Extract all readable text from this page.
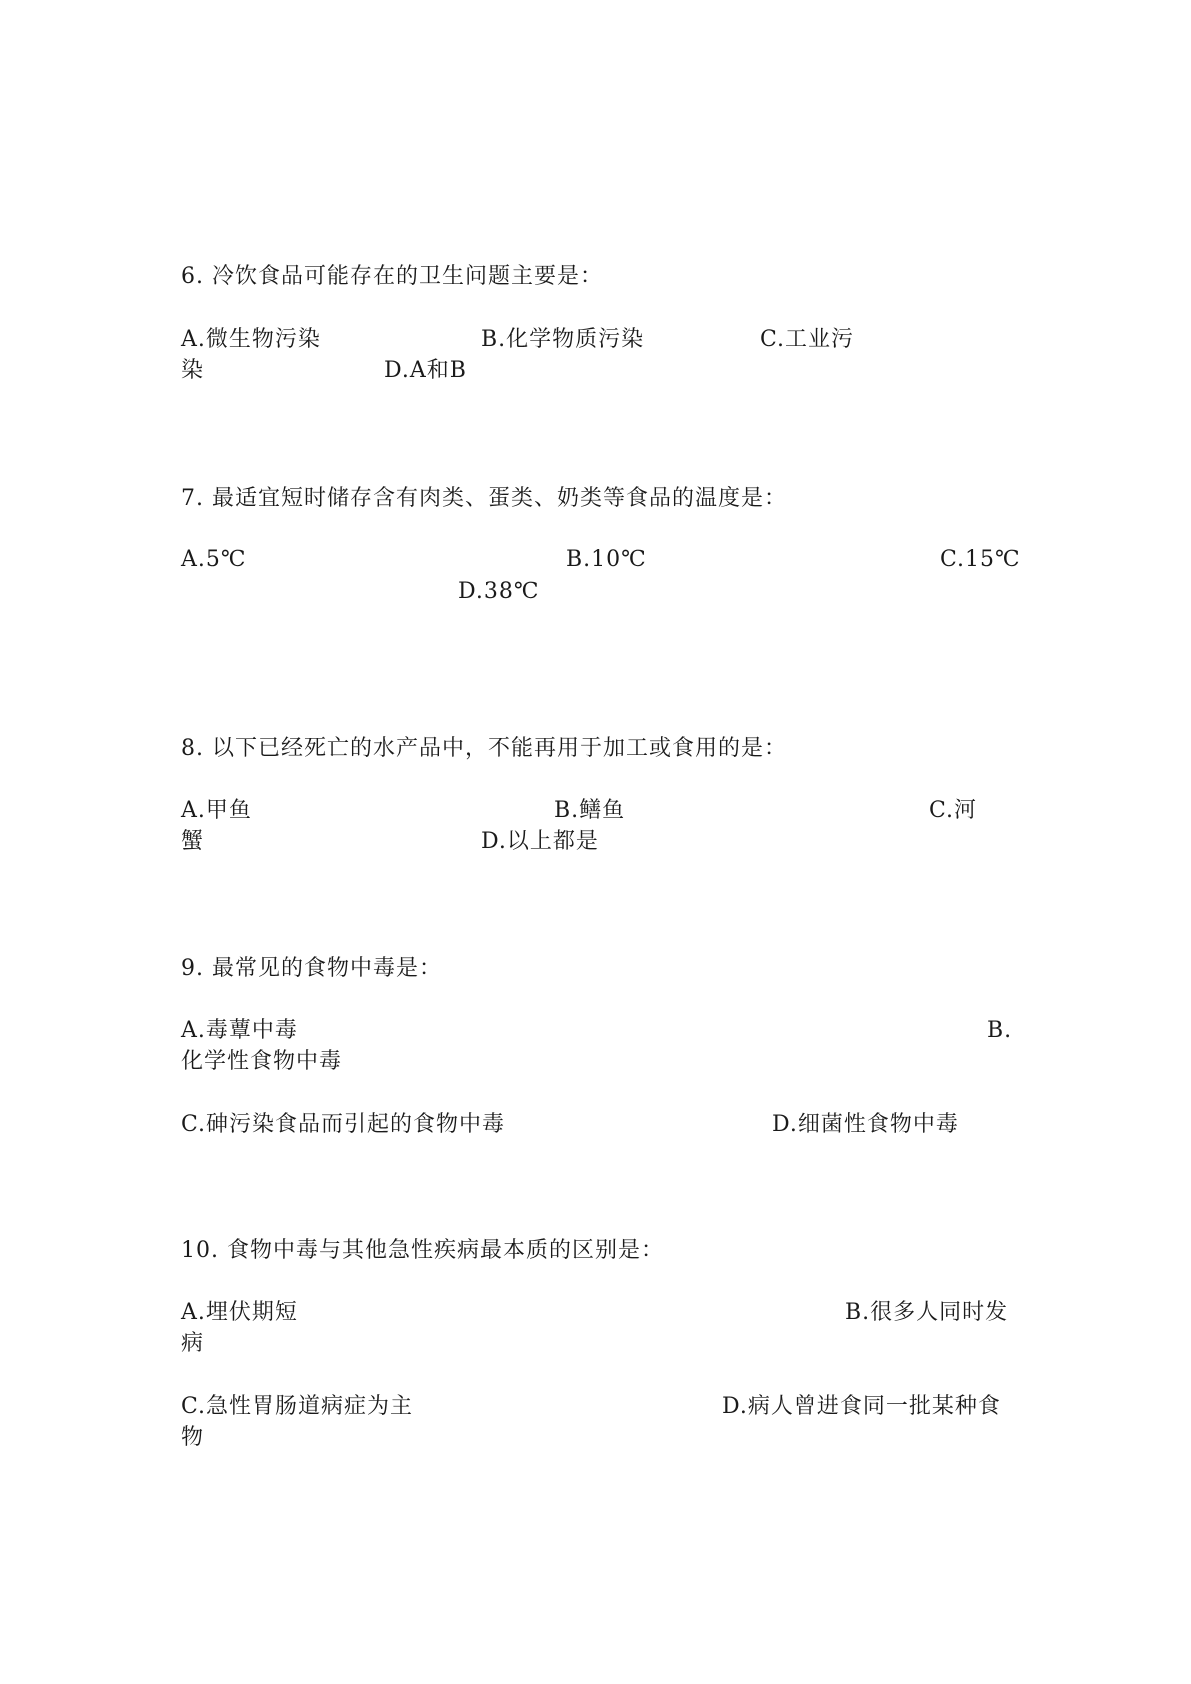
6. 冷饮食品可能存在的卫生问题主要是：
A.微生物污染	B.化学物质污染	C.工业污
染	D.A和B
7. 最适宜短时储存含有肉类、蛋类、奶类等食品的温度是：
A.5℃	B.10℃	C.15℃
D.38℃
8. 以下已经死亡的水产品中，不能再用于加工或食用的是：
A.甲鱼	B.鳝鱼	C.河
蟹	D.以上都是
9. 最常见的食物中毒是：
A.毒蕈中毒	B.
化学性食物中毒
C.砷污染食品而引起的食物中毒	D.细菌性食物中毒
10. 食物中毒与其他急性疾病最本质的区别是：
A.埋伏期短	B.很多人同时发
病
C.急性胃肠道病症为主	D.病人曾进食同一批某种食
物
